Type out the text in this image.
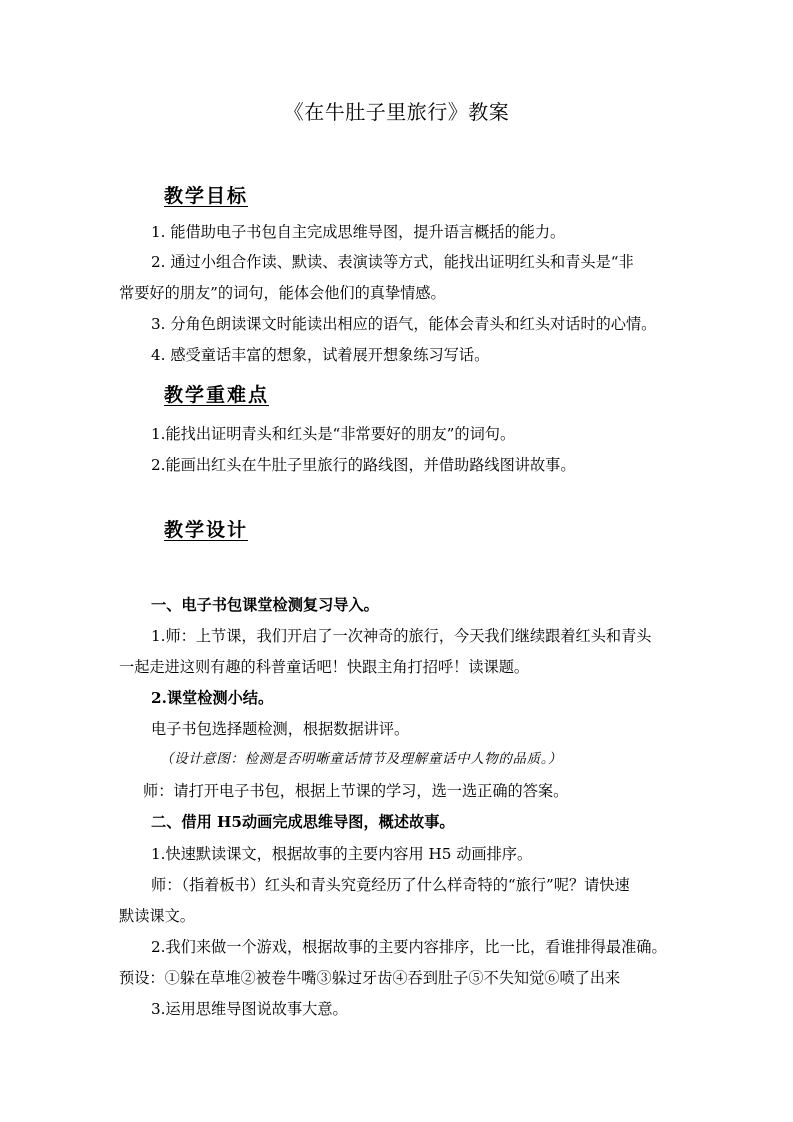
《在牛肚子里旅行》教案
教学目标
1. 能借助电子书包自主完成思维导图，提升语言概括的能力。
2. 通过小组合作读、默读、表演读等方式，能找出证明红头和青头是“非
常要好的朋友”的词句，能体会他们的真挚情感。
3. 分角色朗读课文时能读出相应的语气，能体会青头和红头对话时的心情。
4. 感受童话丰富的想象，试着展开想象练习写话。
教学重难点
1.能找出证明青头和红头是“非常要好的朋友”的词句。
2.能画出红头在牛肚子里旅行的路线图，并借助路线图讲故事。
教学设计
一、电子书包课堂检测复习导入。
1.师：上节课，我们开启了一次神奇的旅行，今天我们继续跟着红头和青头
一起走进这则有趣的科普童话吧！快跟主角打招呼！读课题。
2.课堂检测小结。
电子书包选择题检测，根据数据讲评。
（设计意图：检测是否明晰童话情节及理解童话中人物的品质。）
师：请打开电子书包，根据上节课的学习，选一选正确的答案。
二、借用 H5动画完成思维导图，概述故事。
1.快速默读课文，根据故事的主要内容用 H5 动画排序。
师：（指着板书）红头和青头究竟经历了什么样奇特的“旅行”呢？请快速
默读课文。
2.我们来做一个游戏，根据故事的主要内容排序，比一比，看谁排得最准确。
预设：①躲在草堆②被卷牛嘴③躲过牙齿④吞到肚子⑤不失知觉⑥喷了出来
3.运用思维导图说故事大意。
